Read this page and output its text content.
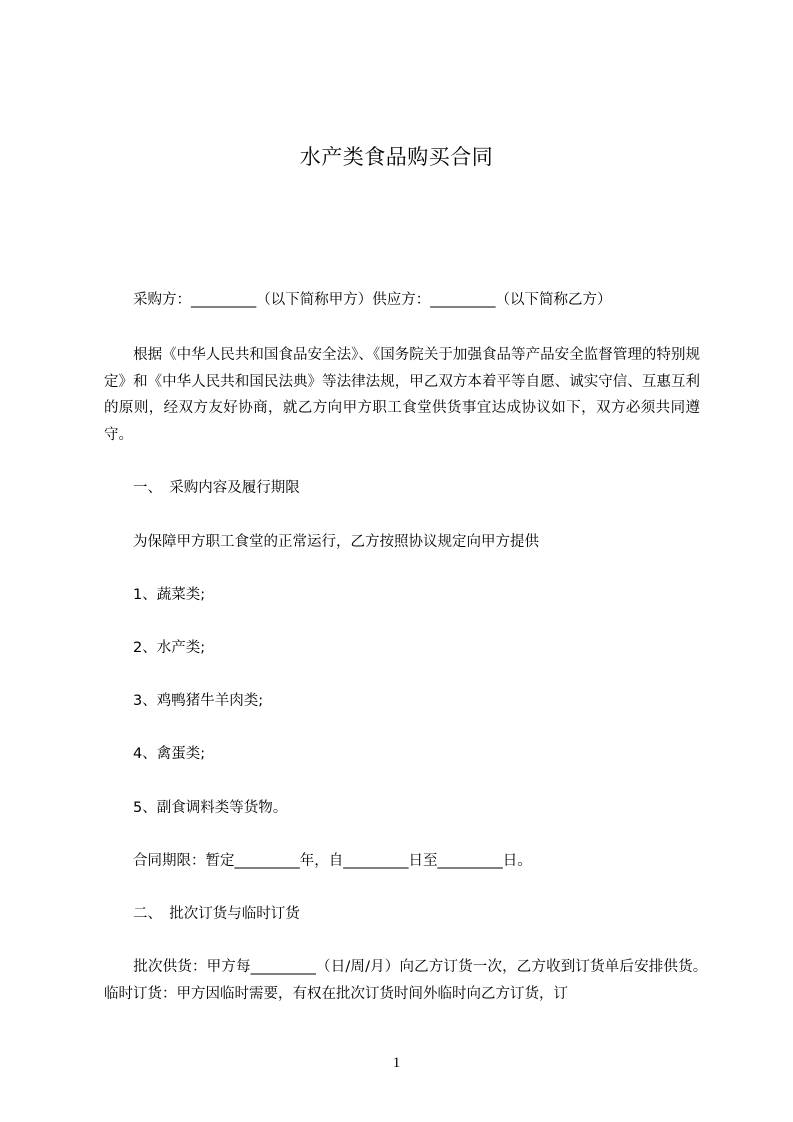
水产类食品购买合同
　　采购方：_________（以下简称甲方）供应方：_________（以下简称乙方）
　　根据《中华人民共和国食品安全法》、《国务院关于加强食品等产品安全监督管理的特别规定》和《中华人民共和国民法典》等法律法规，甲乙双方本着平等自愿、诚实守信、互惠互利的原则，经双方友好协商，就乙方向甲方职工食堂供货事宜达成协议如下，双方必须共同遵守。
　　一、　采购内容及履行期限
　　为保障甲方职工食堂的正常运行，乙方按照协议规定向甲方提供
　　1、蔬菜类;
　　2、水产类;
　　3、鸡鸭猪牛羊肉类;
　　4、禽蛋类;
　　5、副食调料类等货物。
　　合同期限：暂定_________年，自_________日至_________日。
　　二、　批次订货与临时订货
　　批次供货：甲方每_________（日/周/月）向乙方订货一次，乙方收到订货单后安排供货。　临时订货：甲方因临时需要，有权在批次订货时间外临时向乙方订货，订
1
